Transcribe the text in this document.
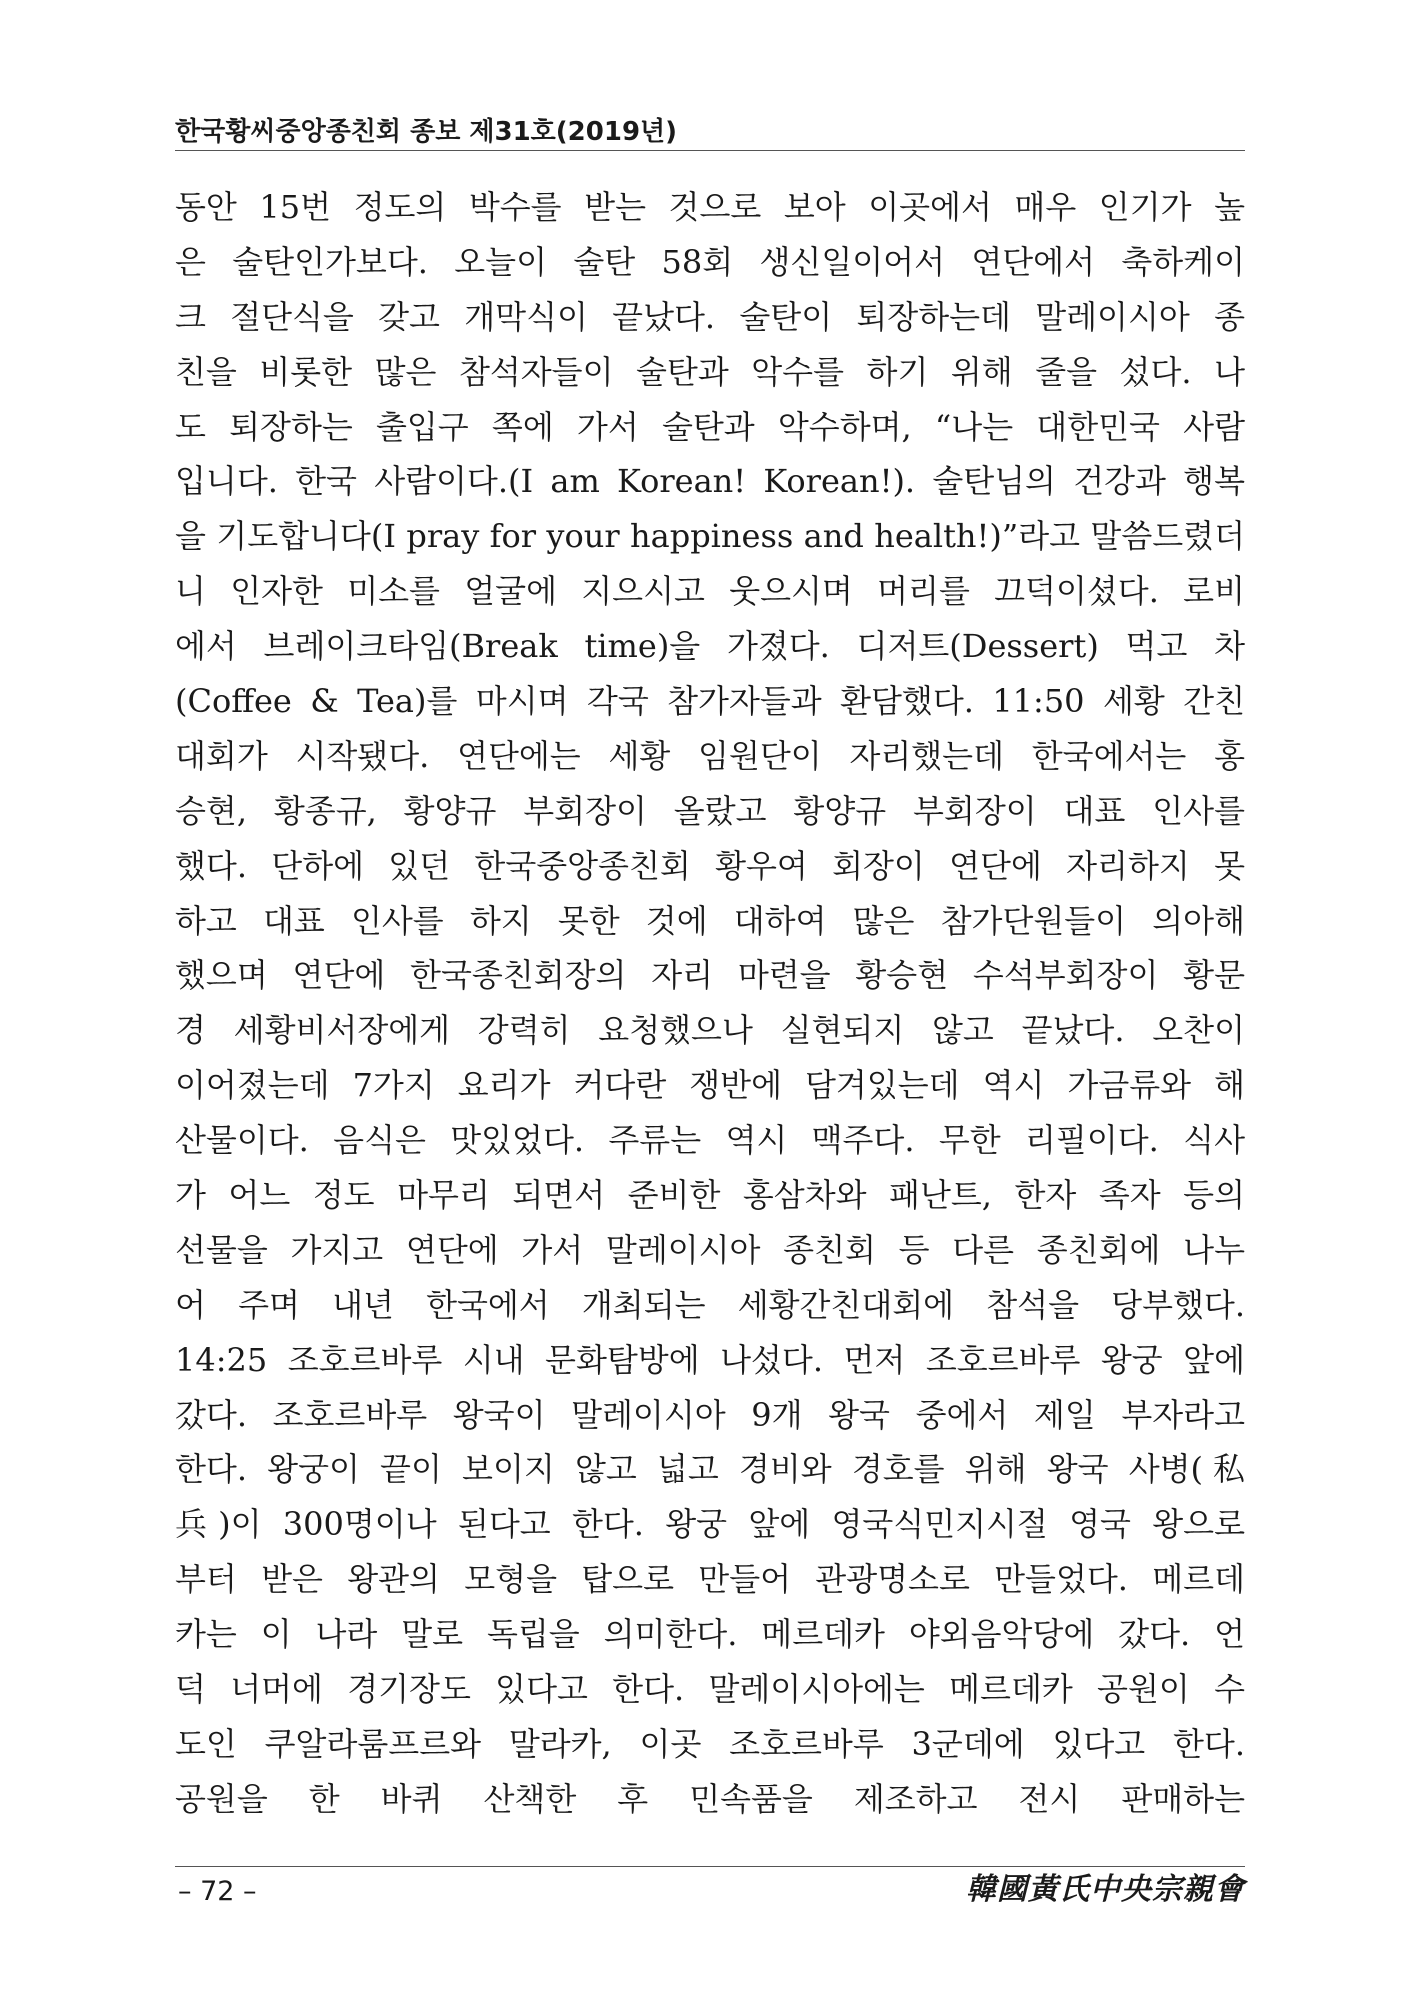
한국황씨중앙종친회 종보 제31호(2019년)
동안 15번 정도의 박수를 받는 것으로 보아 이곳에서 매우 인기가 높
은 술탄인가보다. 오늘이 술탄 58회 생신일이어서 연단에서 축하케이
크 절단식을 갖고 개막식이 끝났다. 술탄이 퇴장하는데 말레이시아 종
친을 비롯한 많은 참석자들이 술탄과 악수를 하기 위해 줄을 섰다. 나
도 퇴장하는 출입구 쪽에 가서 술탄과 악수하며, “나는 대한민국 사람
입니다. 한국 사람이다.(I am Korean! Korean!). 술탄님의 건강과 행복
을 기도합니다(I pray for your happiness and health!)”라고 말씀드렸더
니 인자한 미소를 얼굴에 지으시고 웃으시며 머리를 끄덕이셨다. 로비
에서 브레이크타임(Break time)을 가졌다. 디저트(Dessert) 먹고 차
(Coffee & Tea)를 마시며 각국 참가자들과 환담했다. 11:50 세황 간친
대회가 시작됐다. 연단에는 세황 임원단이 자리했는데 한국에서는 홍
승현, 황종규, 황양규 부회장이 올랐고 황양규 부회장이 대표 인사를
했다. 단하에 있던 한국중앙종친회 황우여 회장이 연단에 자리하지 못
하고 대표 인사를 하지 못한 것에 대하여 많은 참가단원들이 의아해
했으며 연단에 한국종친회장의 자리 마련을 황승현 수석부회장이 황문
경 세황비서장에게 강력히 요청했으나 실현되지 않고 끝났다. 오찬이
이어졌는데 7가지 요리가 커다란 쟁반에 담겨있는데 역시 가금류와 해
산물이다. 음식은 맛있었다. 주류는 역시 맥주다. 무한 리필이다. 식사
가 어느 정도 마무리 되면서 준비한 홍삼차와 패난트, 한자 족자 등의
선물을 가지고 연단에 가서 말레이시아 종친회 등 다른 종친회에 나누
어 주며 내년 한국에서 개최되는 세황간친대회에 참석을 당부했다.
14:25 조호르바루 시내 문화탐방에 나섰다. 먼저 조호르바루 왕궁 앞에
갔다. 조호르바루 왕국이 말레이시아 9개 왕국 중에서 제일 부자라고
한다. 왕궁이 끝이 보이지 않고 넓고 경비와 경호를 위해 왕국 사병(私
兵)이 300명이나 된다고 한다. 왕궁 앞에 영국식민지시절 영국 왕으로
부터 받은 왕관의 모형을 탑으로 만들어 관광명소로 만들었다. 메르데
카는 이 나라 말로 독립을 의미한다. 메르데카 야외음악당에 갔다. 언
덕 너머에 경기장도 있다고 한다. 말레이시아에는 메르데카 공원이 수
도인 쿠알라룸프르와 말라카, 이곳 조호르바루 3군데에 있다고 한다.
공원을 한 바퀴 산책한 후 민속품을 제조하고 전시 판매하는
– 72 –	韓國黃氏中央宗親會
